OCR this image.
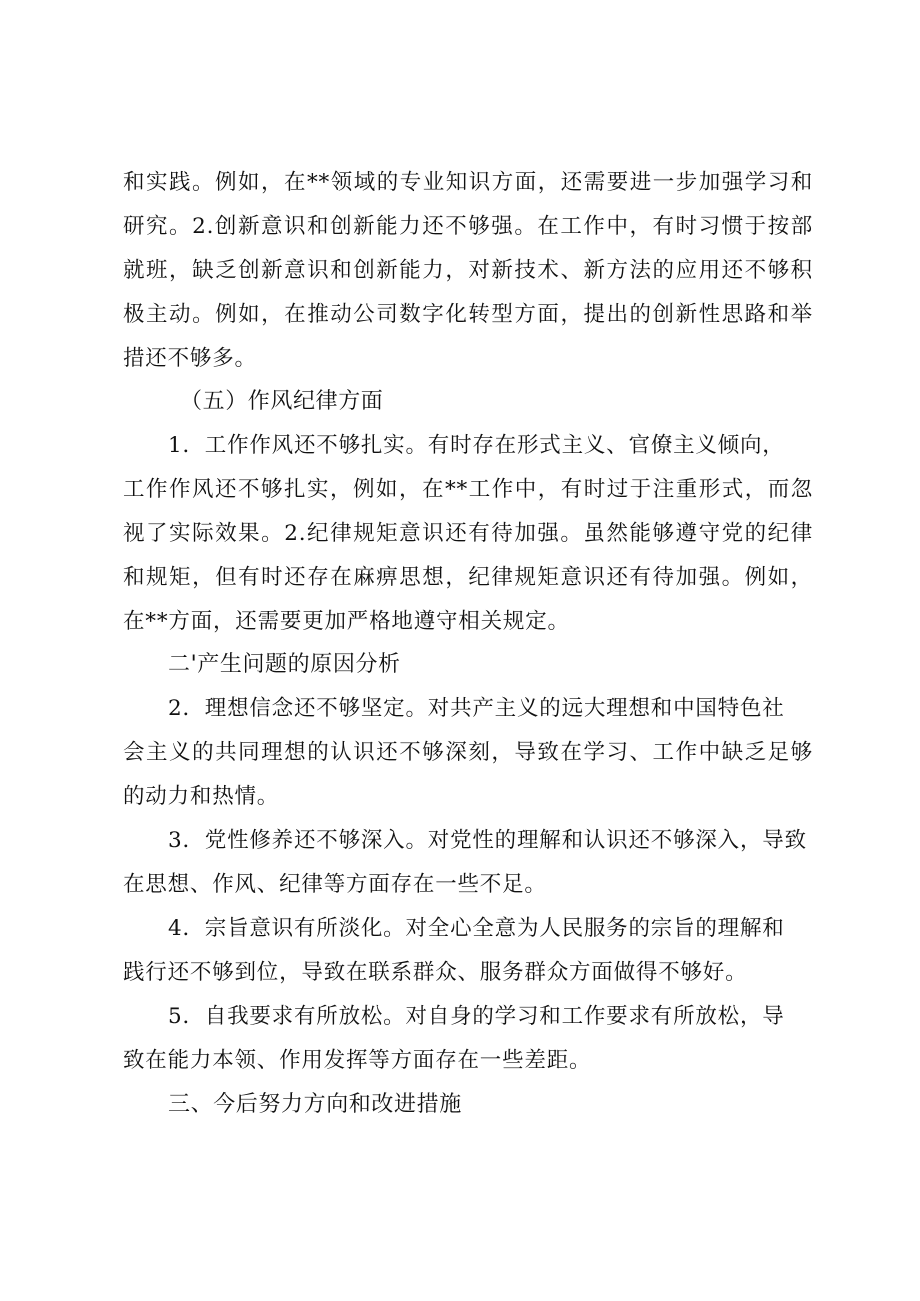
和实践。例如，在**领域的专业知识方面，还需要进一步加强学习和
研究。2.创新意识和创新能力还不够强。在工作中，有时习惯于按部
就班，缺乏创新意识和创新能力，对新技术、新方法的应用还不够积
极主动。例如，在推动公司数字化转型方面，提出的创新性思路和举
措还不够多。
（五）作风纪律方面
1．工作作风还不够扎实。有时存在形式主义、官僚主义倾向，
工作作风还不够扎实，例如，在**工作中，有时过于注重形式，而忽
视了实际效果。2.纪律规矩意识还有待加强。虽然能够遵守党的纪律
和规矩，但有时还存在麻痹思想，纪律规矩意识还有待加强。例如，
在**方面，还需要更加严格地遵守相关规定。
二'产生问题的原因分析
2．理想信念还不够坚定。对共产主义的远大理想和中国特色社
会主义的共同理想的认识还不够深刻，导致在学习、工作中缺乏足够
的动力和热情。
3．党性修养还不够深入。对党性的理解和认识还不够深入，导致
在思想、作风、纪律等方面存在一些不足。
4．宗旨意识有所淡化。对全心全意为人民服务的宗旨的理解和
践行还不够到位，导致在联系群众、服务群众方面做得不够好。
5．自我要求有所放松。对自身的学习和工作要求有所放松，导
致在能力本领、作用发挥等方面存在一些差距。
三、今后努力方向和改进措施
